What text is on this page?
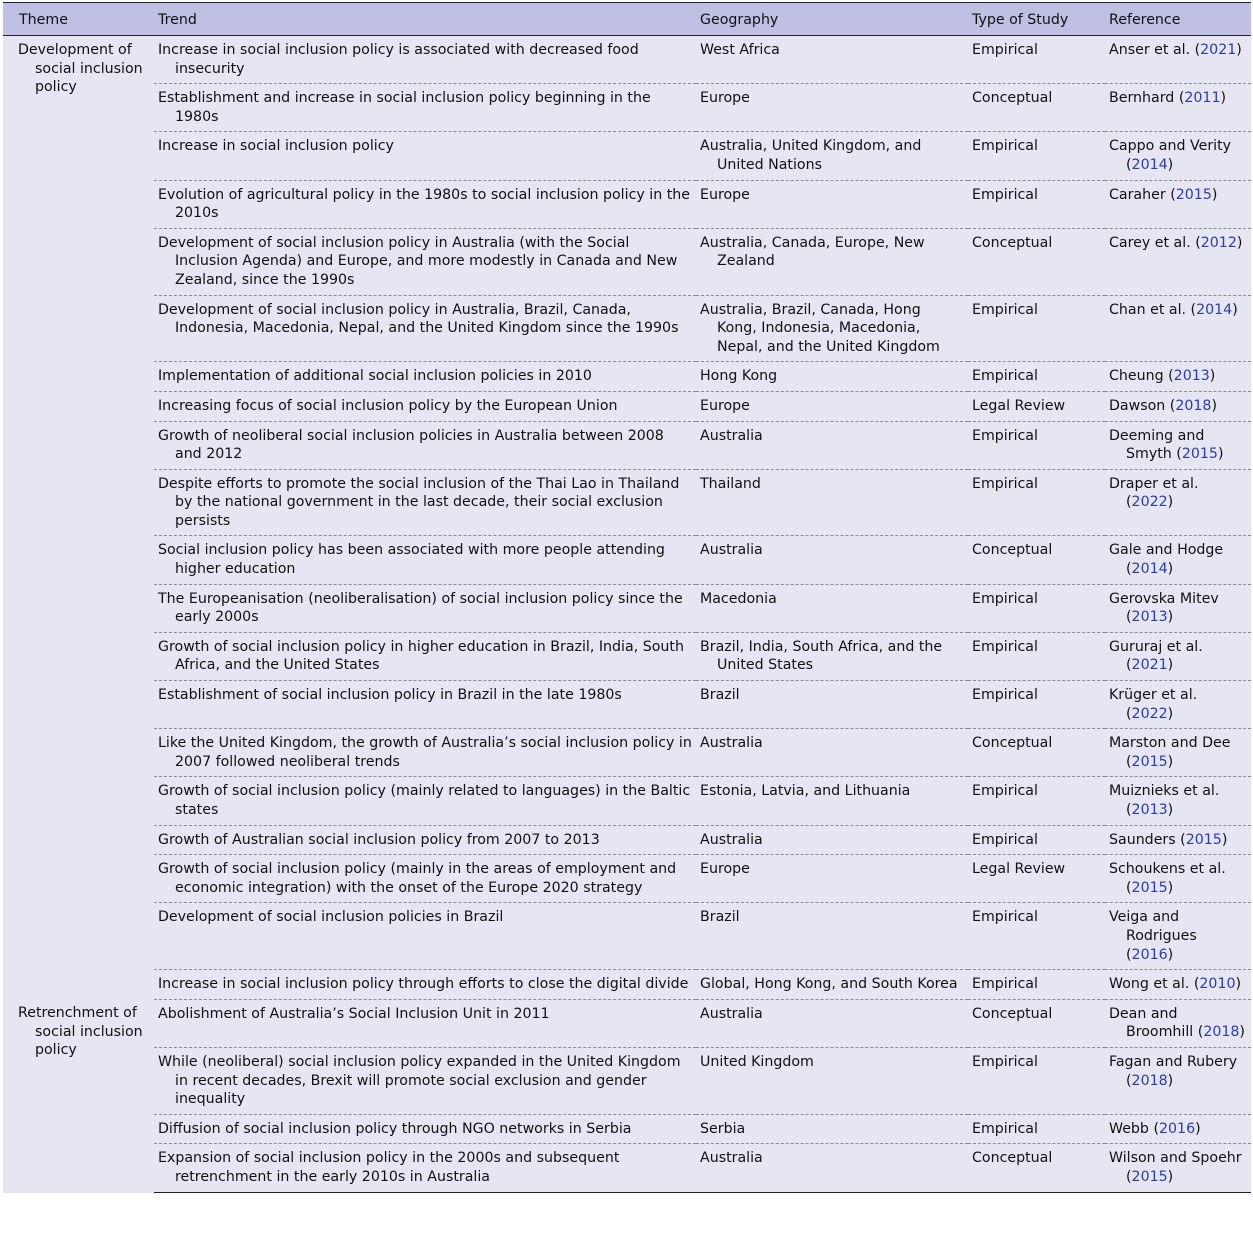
Theme	Trend	Geography	Type of Study	Reference

Development of social inclusion policy	Increase in social inclusion policy is associated with decreased food insecurity	West Africa	Empirical	Anser et al. (2021)

	Establishment and increase in social inclusion policy beginning in the 1980s	Europe	Conceptual	Bernhard (2011)

	Increase in social inclusion policy	Australia, United Kingdom, and United Nations	Empirical	Cappo and Verity (2014)

	Evolution of agricultural policy in the 1980s to social inclusion policy in the 2010s	Europe	Empirical	Caraher (2015)

	Development of social inclusion policy in Australia (with the Social Inclusion Agenda) and Europe, and more modestly in Canada and New Zealand, since the 1990s	Australia, Canada, Europe, New Zealand	Conceptual	Carey et al. (2012)

	Development of social inclusion policy in Australia, Brazil, Canada, Indonesia, Macedonia, Nepal, and the United Kingdom since the 1990s	Australia, Brazil, Canada, Hong Kong, Indonesia, Macedonia, Nepal, and the United Kingdom	Empirical	Chan et al. (2014)

	Implementation of additional social inclusion policies in 2010	Hong Kong	Empirical	Cheung (2013)

	Increasing focus of social inclusion policy by the European Union	Europe	Legal Review	Dawson (2018)

	Growth of neoliberal social inclusion policies in Australia between 2008 and 2012	Australia	Empirical	Deeming and Smyth (2015)

	Despite efforts to promote the social inclusion of the Thai Lao in Thailand by the national government in the last decade, their social exclusion persists	Thailand	Empirical	Draper et al. (2022)

	Social inclusion policy has been associated with more people attending higher education	Australia	Conceptual	Gale and Hodge (2014)

	The Europeanisation (neoliberalisation) of social inclusion policy since the early 2000s	Macedonia	Empirical	Gerovska Mitev (2013)

	Growth of social inclusion policy in higher education in Brazil, India, South Africa, and the United States	Brazil, India, South Africa, and the United States	Empirical	Gururaj et al. (2021)

	Establishment of social inclusion policy in Brazil in the late 1980s	Brazil	Empirical	Krüger et al. (2022)

	Like the United Kingdom, the growth of Australia’s social inclusion policy in 2007 followed neoliberal trends	Australia	Conceptual	Marston and Dee (2015)

	Growth of social inclusion policy (mainly related to languages) in the Baltic states	Estonia, Latvia, and Lithuania	Empirical	Muiznieks et al. (2013)

	Growth of Australian social inclusion policy from 2007 to 2013	Australia	Empirical	Saunders (2015)

	Growth of social inclusion policy (mainly in the areas of employment and economic integration) with the onset of the Europe 2020 strategy	Europe	Legal Review	Schoukens et al. (2015)

	Development of social inclusion policies in Brazil	Brazil	Empirical	Veiga and Rodrigues (2016)

	Increase in social inclusion policy through efforts to close the digital divide	Global, Hong Kong, and South Korea	Empirical	Wong et al. (2010)

Retrenchment of social inclusion policy	Abolishment of Australia’s Social Inclusion Unit in 2011	Australia	Conceptual	Dean and Broomhill (2018)

	While (neoliberal) social inclusion policy expanded in the United Kingdom in recent decades, Brexit will promote social exclusion and gender inequality	United Kingdom	Empirical	Fagan and Rubery (2018)

	Diffusion of social inclusion policy through NGO networks in Serbia	Serbia	Empirical	Webb (2016)

	Expansion of social inclusion policy in the 2000s and subsequent retrenchment in the early 2010s in Australia	Australia	Conceptual	Wilson and Spoehr (2015)
